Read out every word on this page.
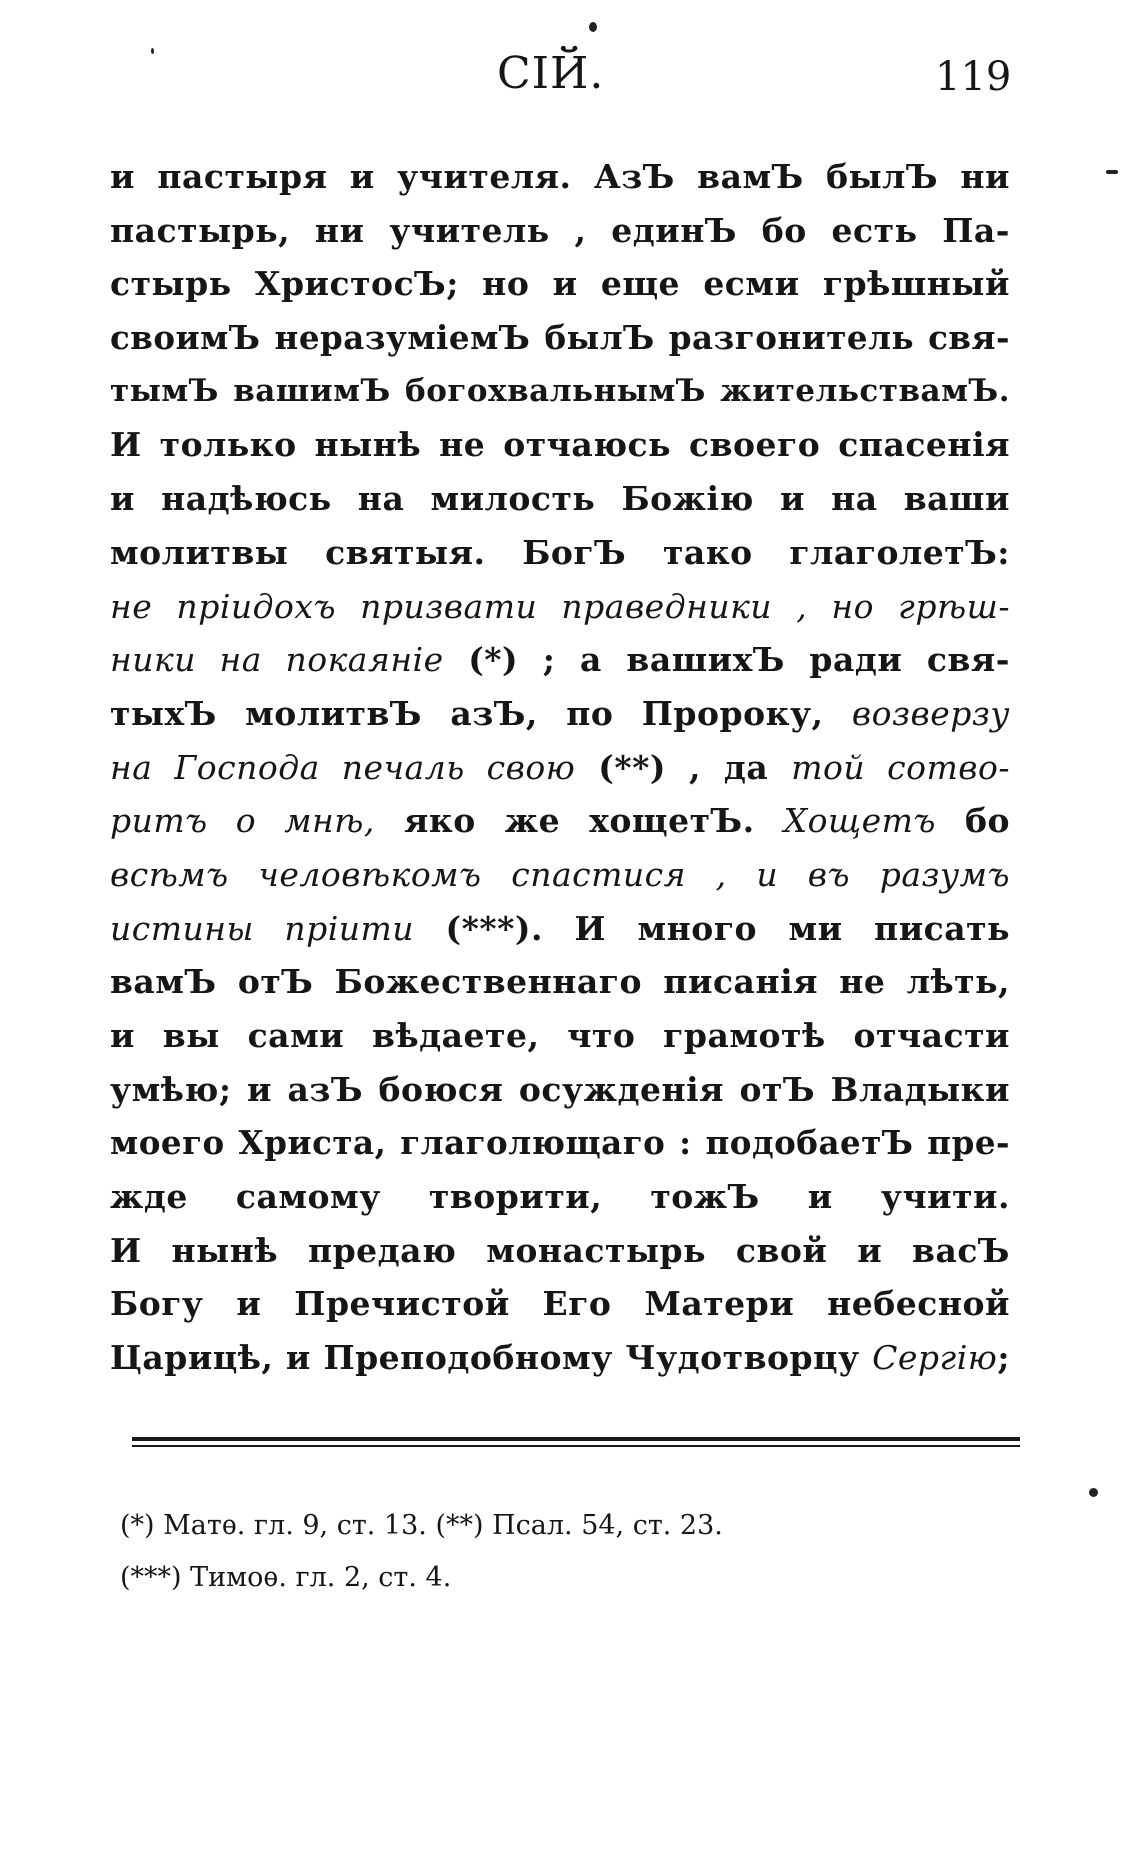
СІЙ.	119
и пастыря и учителя. АзЪ вамЪ былЪ ни
пастырь, ни учитель , единЪ бо есть Па-
стырь ХристосЪ; но и еще есми грѣшный
своимЪ неразумiемЪ былЪ разгонитель свя-
тымЪ вашимЪ богохвальнымЪ жительствамЪ.
И только нынѣ не отчаюсь своего спасенiя
и надѣюсь на милость Божiю и на ваши
молитвы святыя. БогЪ тако глаголетЪ:
не прiидохъ призвати праведники , но грѣш-
ники на покаянiе (*) ; а вашихЪ ради свя-
тыхЪ молитвЪ азЪ, по Пророку, возверзу
на Господа печаль свою (**) , да той сотво-
ритъ о мнѣ, яко же хощетЪ. Хощетъ бо
всѣмъ человѣкомъ спастися , и въ разумъ
истины прiити (***). И много ми писать
вамЪ отЪ Божественнаго писанiя не лѣть,
и вы сами вѣдаете, что грамотѣ отчасти
умѣю; и азЪ боюся осужденiя отЪ Владыки
моего Христа, глаголющаго : подобаетЪ пре-
жде самому творити, тожЪ и учити.
И нынѣ предаю монастырь свой и васЪ
Богу и Пречистой Его Матери небесной
Царицѣ, и Преподобному Чудотворцу Сергiю;
(*) Матѳ. гл. 9, ст. 13. (**) Псал. 54, ст. 23.
(***) Тимоѳ. гл. 2, ст. 4.
